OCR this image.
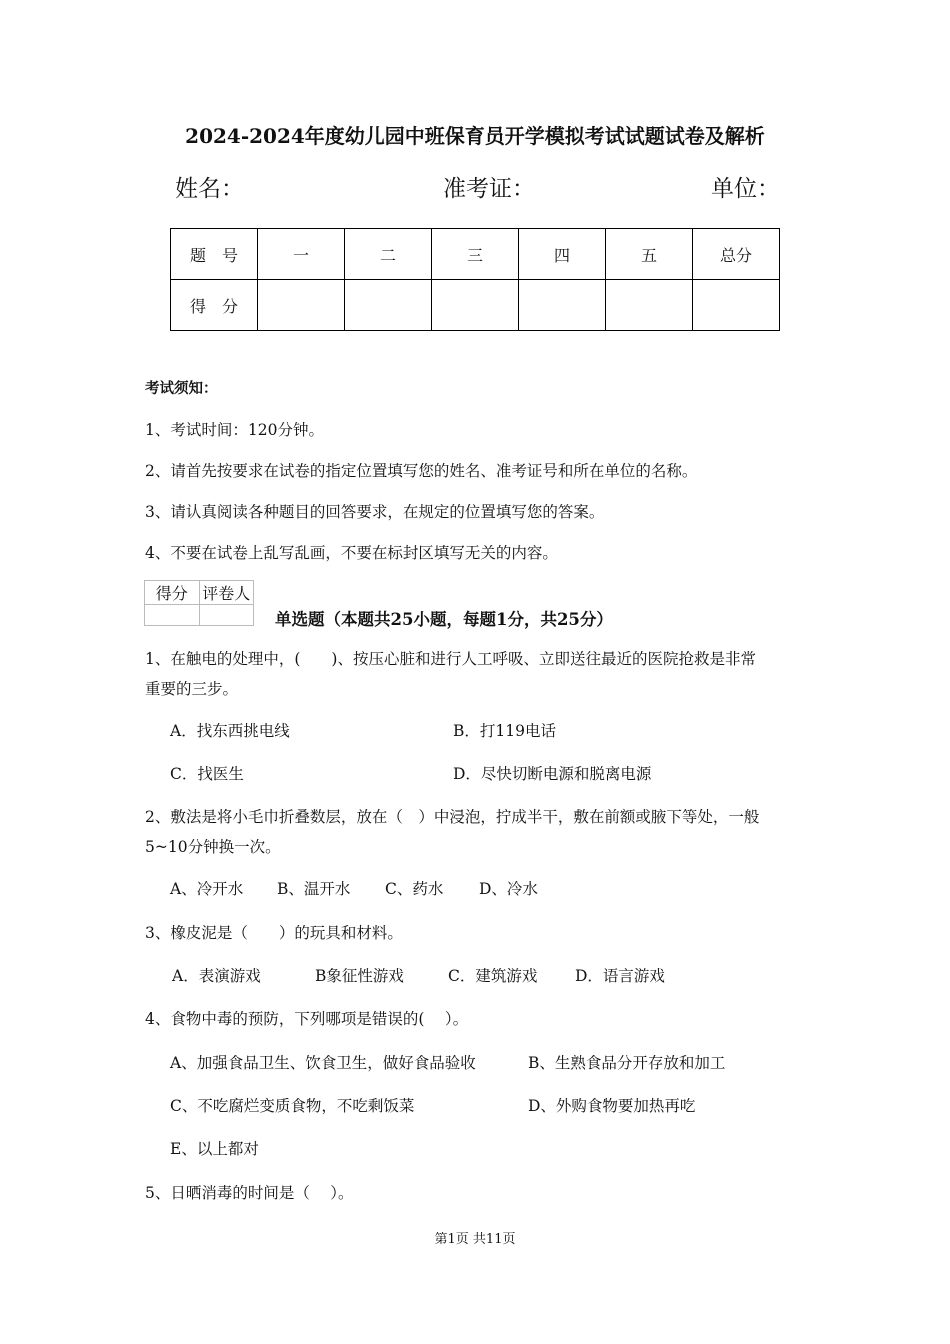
2024-2024年度幼儿园中班保育员开学模拟考试试题试卷及解析
姓名：	准考证：	单位：
题　号	一	二	三	四	五	总分
得　分						
考试须知：
1、考试时间：120分钟。
2、请首先按要求在试卷的指定位置填写您的姓名、准考证号和所在单位的名称。
3、请认真阅读各种题目的回答要求，在规定的位置填写您的答案。
4、不要在试卷上乱写乱画，不要在标封区填写无关的内容。
得分	评卷人

单选题（本题共25小题，每题1分，共25分）
1、在触电的处理中，(　　)、按压心脏和进行人工呼吸、立即送往最近的医院抢救是非常
重要的三步。
A．找东西挑电线	B．打119电话
C．找医生	D．尽快切断电源和脱离电源
2、敷法是将小毛巾折叠数层，放在（　）中浸泡，拧成半干，敷在前额或腋下等处，一般
5~10分钟换一次。
A、冷开水 B、温开水 C、药水 D、冷水
3、橡皮泥是（　　）的玩具和材料。
A．表演游戏	B象征性游戏	C．建筑游戏 D．语言游戏
4、食物中毒的预防，下列哪项是错误的(　 ）。
A、加强食品卫生、饮食卫生，做好食品验收	B、生熟食品分开存放和加工
C、不吃腐烂变质食物，不吃剩饭菜	D、外购食物要加热再吃
E、以上都对
5、日晒消毒的时间是（　 ）。
第1页 共11页
